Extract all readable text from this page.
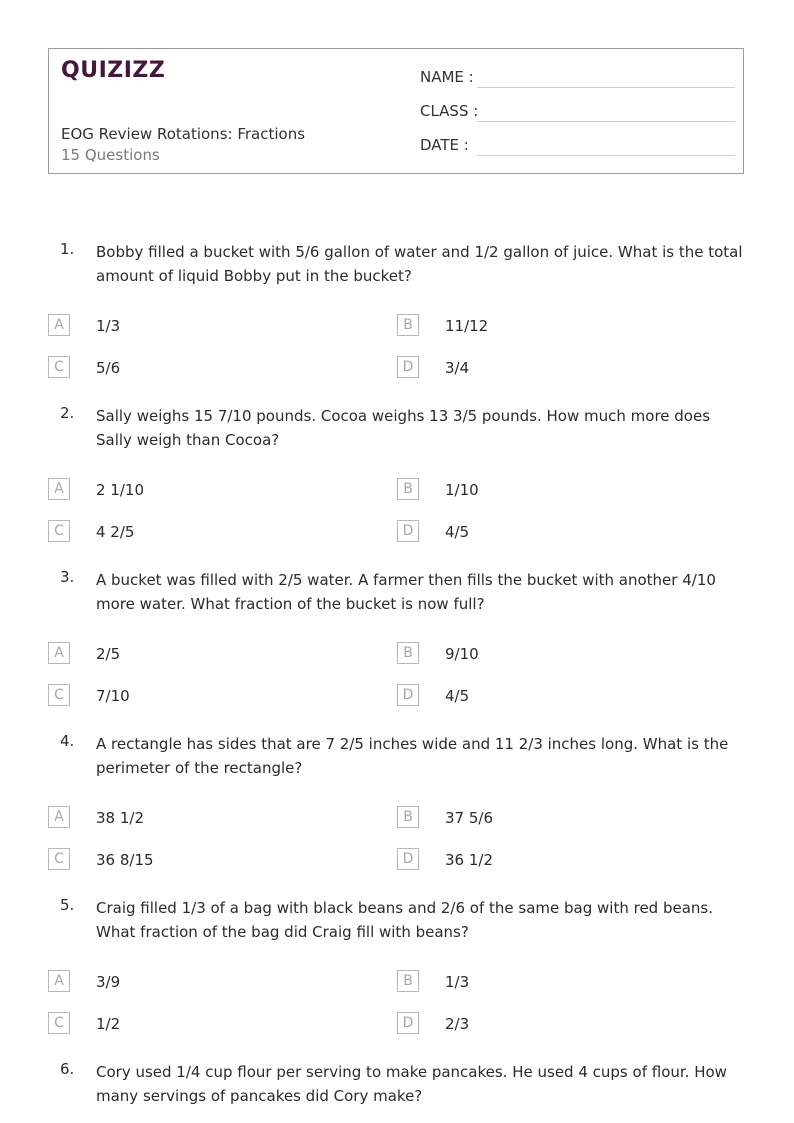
QUIZIZZ
EOG Review Rotations: Fractions
15 Questions
NAME :
CLASS :
DATE :
1. Bobby filled a bucket with 5/6 gallon of water and 1/2 gallon of juice. What is the total amount of liquid Bobby put in the bucket?
A	1/3	B	11/12
C	5/6	D	3/4
2. Sally weighs 15 7/10 pounds. Cocoa weighs 13 3/5 pounds. How much more does Sally weigh than Cocoa?
A	2 1/10	B	1/10
C	4 2/5	D	4/5
3. A bucket was filled with 2/5 water. A farmer then fills the bucket with another 4/10 more water. What fraction of the bucket is now full?
A	2/5	B	9/10
C	7/10	D	4/5
4. A rectangle has sides that are 7 2/5 inches wide and 11 2/3 inches long. What is the perimeter of the rectangle?
A	38 1/2	B	37 5/6
C	36 8/15	D	36 1/2
5. Craig filled 1/3 of a bag with black beans and 2/6 of the same bag with red beans. What fraction of the bag did Craig fill with beans?
A	3/9	B	1/3
C	1/2	D	2/3
6. Cory used 1/4 cup flour per serving to make pancakes. He used 4 cups of flour. How many servings of pancakes did Cory make?
